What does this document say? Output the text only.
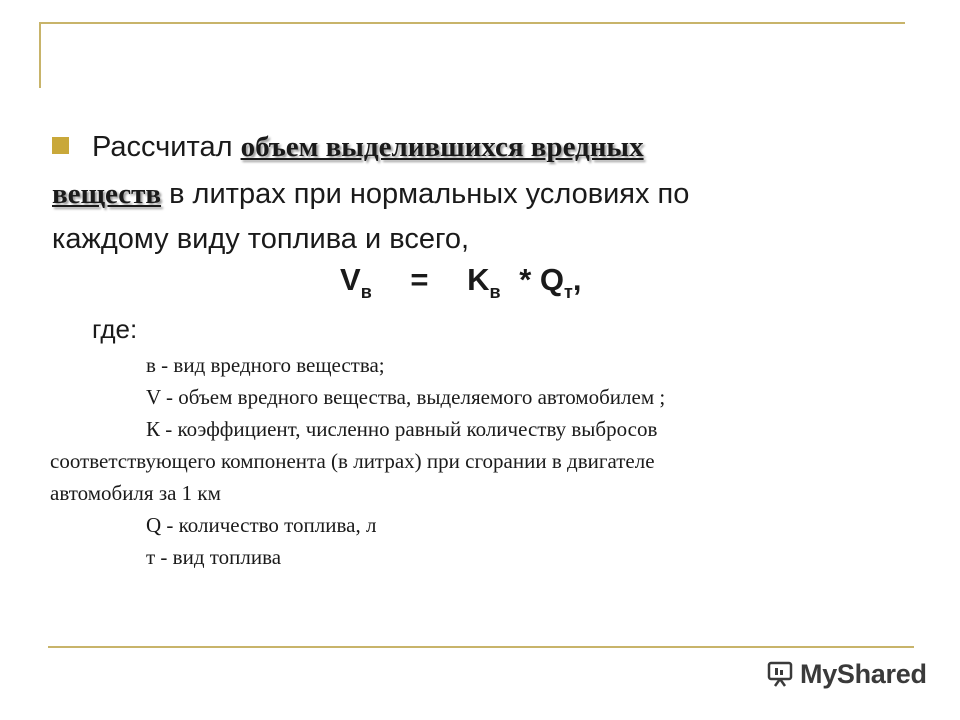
Рассчитал объем выделившихся вредных
веществ в литрах при нормальных условиях по
каждому виду топлива и всего,
$V_в = K_в * Q_т$,
где:
в - вид вредного вещества;
V - объем вредного вещества, выделяемого автомобилем ;
К - коэффициент, численно равный количеству выбросов
соответствующего компонента (в литрах) при сгорании в двигателе
автомобиля за 1 км
Q - количество топлива, л
т - вид топлива
MyShared
